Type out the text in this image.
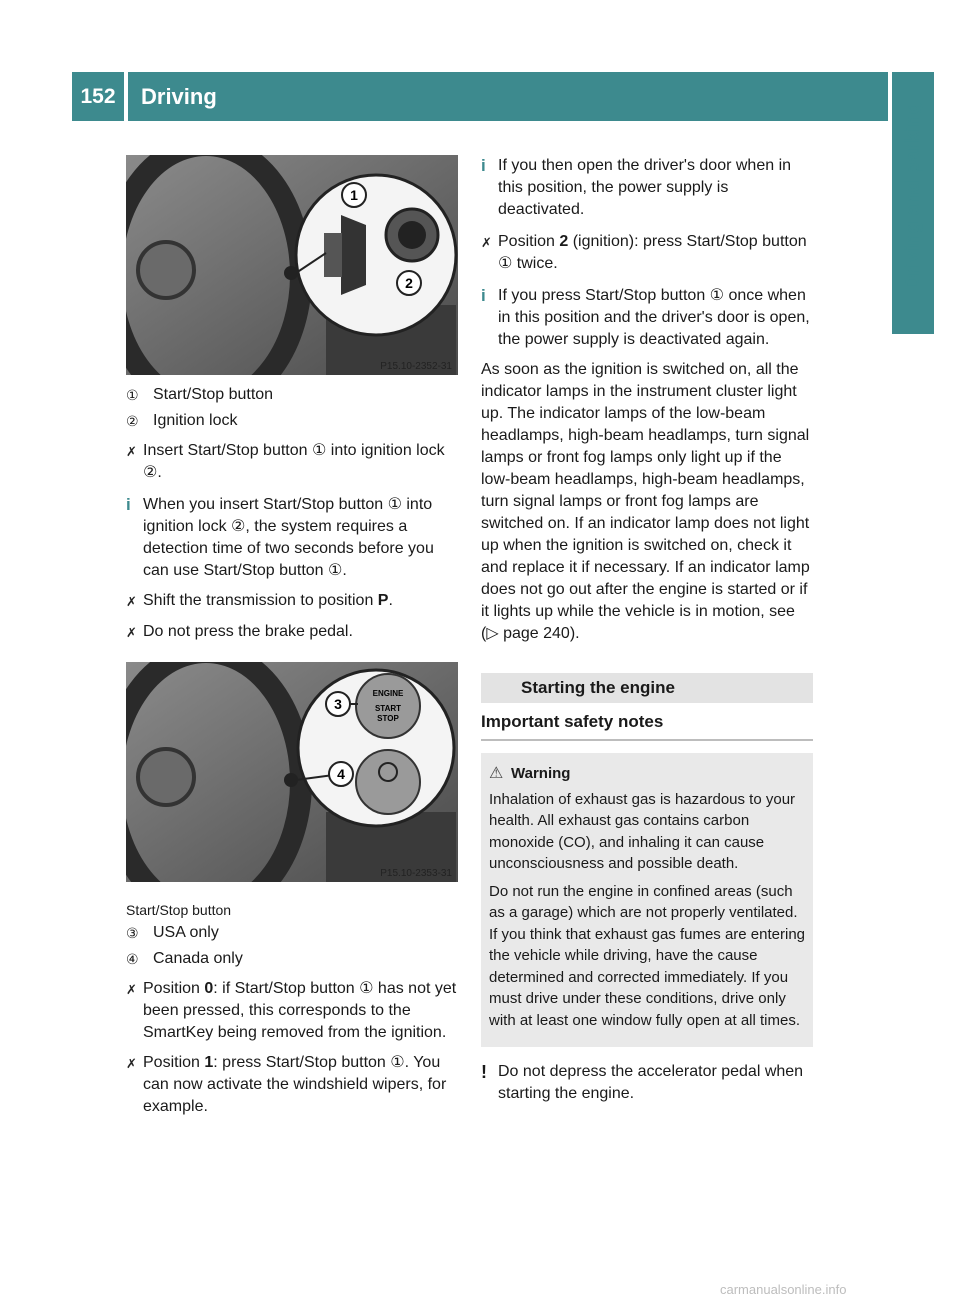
152	Driving
Driving and parking
1
2
P15.10-2352-31
① Start/Stop button
② Ignition lock
✗ Insert Start/Stop button ① into ignition lock ②.
i When you insert Start/Stop button ① into ignition lock ②, the system requires a detection time of two seconds before you can use Start/Stop button ①.
✗ Shift the transmission to position P.
✗ Do not press the brake pedal.
ENGINE
START
STOP
3
4
P15.10-2353-31
Start/Stop button
③ USA only
④ Canada only
✗ Position 0: if Start/Stop button ① has not yet been pressed, this corresponds to the SmartKey being removed from the ignition.
✗ Position 1: press Start/Stop button ①. You can now activate the windshield wipers, for example.
i If you then open the driver's door when in this position, the power supply is deactivated.
✗ Position 2 (ignition): press Start/Stop button ① twice.
i If you press Start/Stop button ① once when in this position and the driver's door is open, the power supply is deactivated again.
As soon as the ignition is switched on, all the indicator lamps in the instrument cluster light up. The indicator lamps of the low-beam headlamps, high-beam headlamps, turn signal lamps or front fog lamps only light up if the low-beam headlamps, high-beam headlamps, turn signal lamps or front fog lamps are switched on. If an indicator lamp does not light up when the ignition is switched on, check it and replace it if necessary. If an indicator lamp does not go out after the engine is started or if it lights up while the vehicle is in motion, see (▷ page 240).
Starting the engine
Important safety notes
⚠ Warning

Inhalation of exhaust gas is hazardous to your health. All exhaust gas contains carbon monoxide (CO), and inhaling it can cause unconsciousness and possible death.

Do not run the engine in confined areas (such as a garage) which are not properly ventilated. If you think that exhaust gas fumes are entering the vehicle while driving, have the cause determined and corrected immediately. If you must drive under these conditions, drive only with at least one window fully open at all times.

! Do not depress the accelerator pedal when starting the engine.
carmanualsonline.info
